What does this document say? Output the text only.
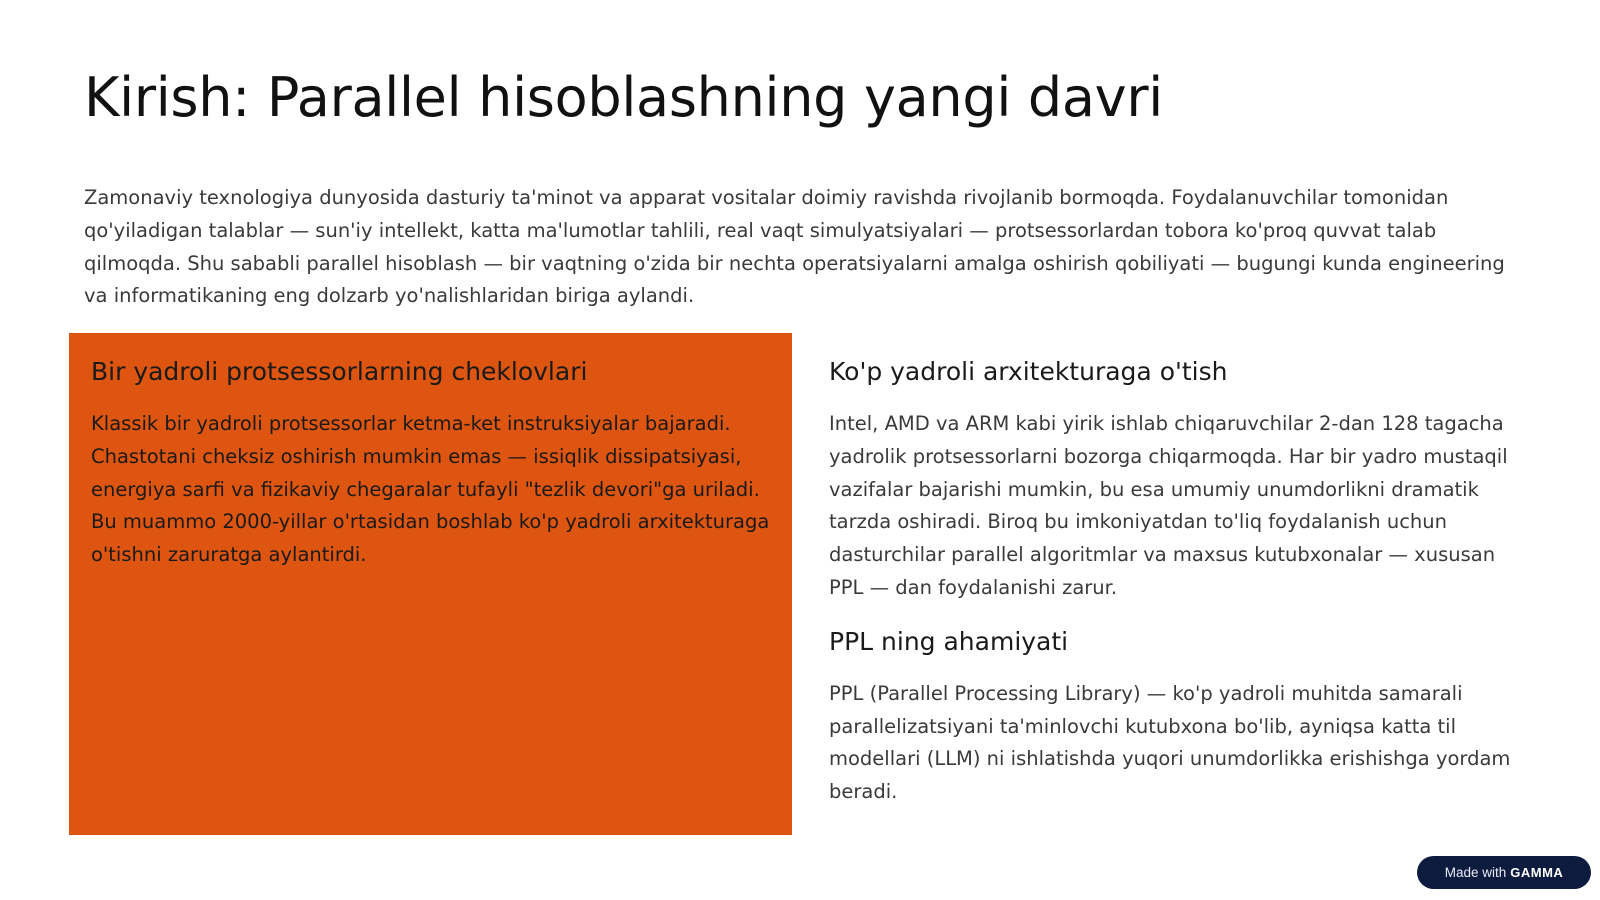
Kirish: Parallel hisoblashning yangi davri

Zamonaviy texnologiya dunyosida dasturiy ta'minot va apparat vositalar doimiy ravishda rivojlanib bormoqda. Foydalanuvchilar tomonidan qo'yiladigan talablar — sun'iy intellekt, katta ma'lumotlar tahlili, real vaqt simulyatsiyalari — protsessorlardan tobora ko'proq quvvat talab qilmoqda. Shu sababli parallel hisoblash — bir vaqtning o'zida bir nechta operatsiyalarni amalga oshirish qobiliyati — bugungi kunda engineering va informatikaning eng dolzarb yo'nalishlaridan biriga aylandi.

Bir yadroli protsessorlarning cheklovlari

Klassik bir yadroli protsessorlar ketma-ket instruksiyalar bajaradi. Chastotani cheksiz oshirish mumkin emas — issiqlik dissipatsiyasi, energiya sarfi va fizikaviy chegaralar tufayli "tezlik devori"ga uriladi. Bu muammo 2000-yillar o'rtasidan boshlab ko'p yadroli arxitekturaga o'tishni zaruratga aylantirdi.

Ko'p yadroli arxitekturaga o'tish

Intel, AMD va ARM kabi yirik ishlab chiqaruvchilar 2-dan 128 tagacha yadrolik protsessorlarni bozorga chiqarmoqda. Har bir yadro mustaqil vazifalar bajarishi mumkin, bu esa umumiy unumdorlikni dramatik tarzda oshiradi. Biroq bu imkoniyatdan to'liq foydalanish uchun dasturchilar parallel algoritmlar va maxsus kutubxonalar — xususan PPL — dan foydalanishi zarur.

PPL ning ahamiyati

PPL (Parallel Processing Library) — ko'p yadroli muhitda samarali parallelizatsiyani ta'minlovchi kutubxona bo'lib, ayniqsa katta til modellari (LLM) ni ishlatishda yuqori unumdorlikka erishishga yordam beradi.

Made with GAMMA
